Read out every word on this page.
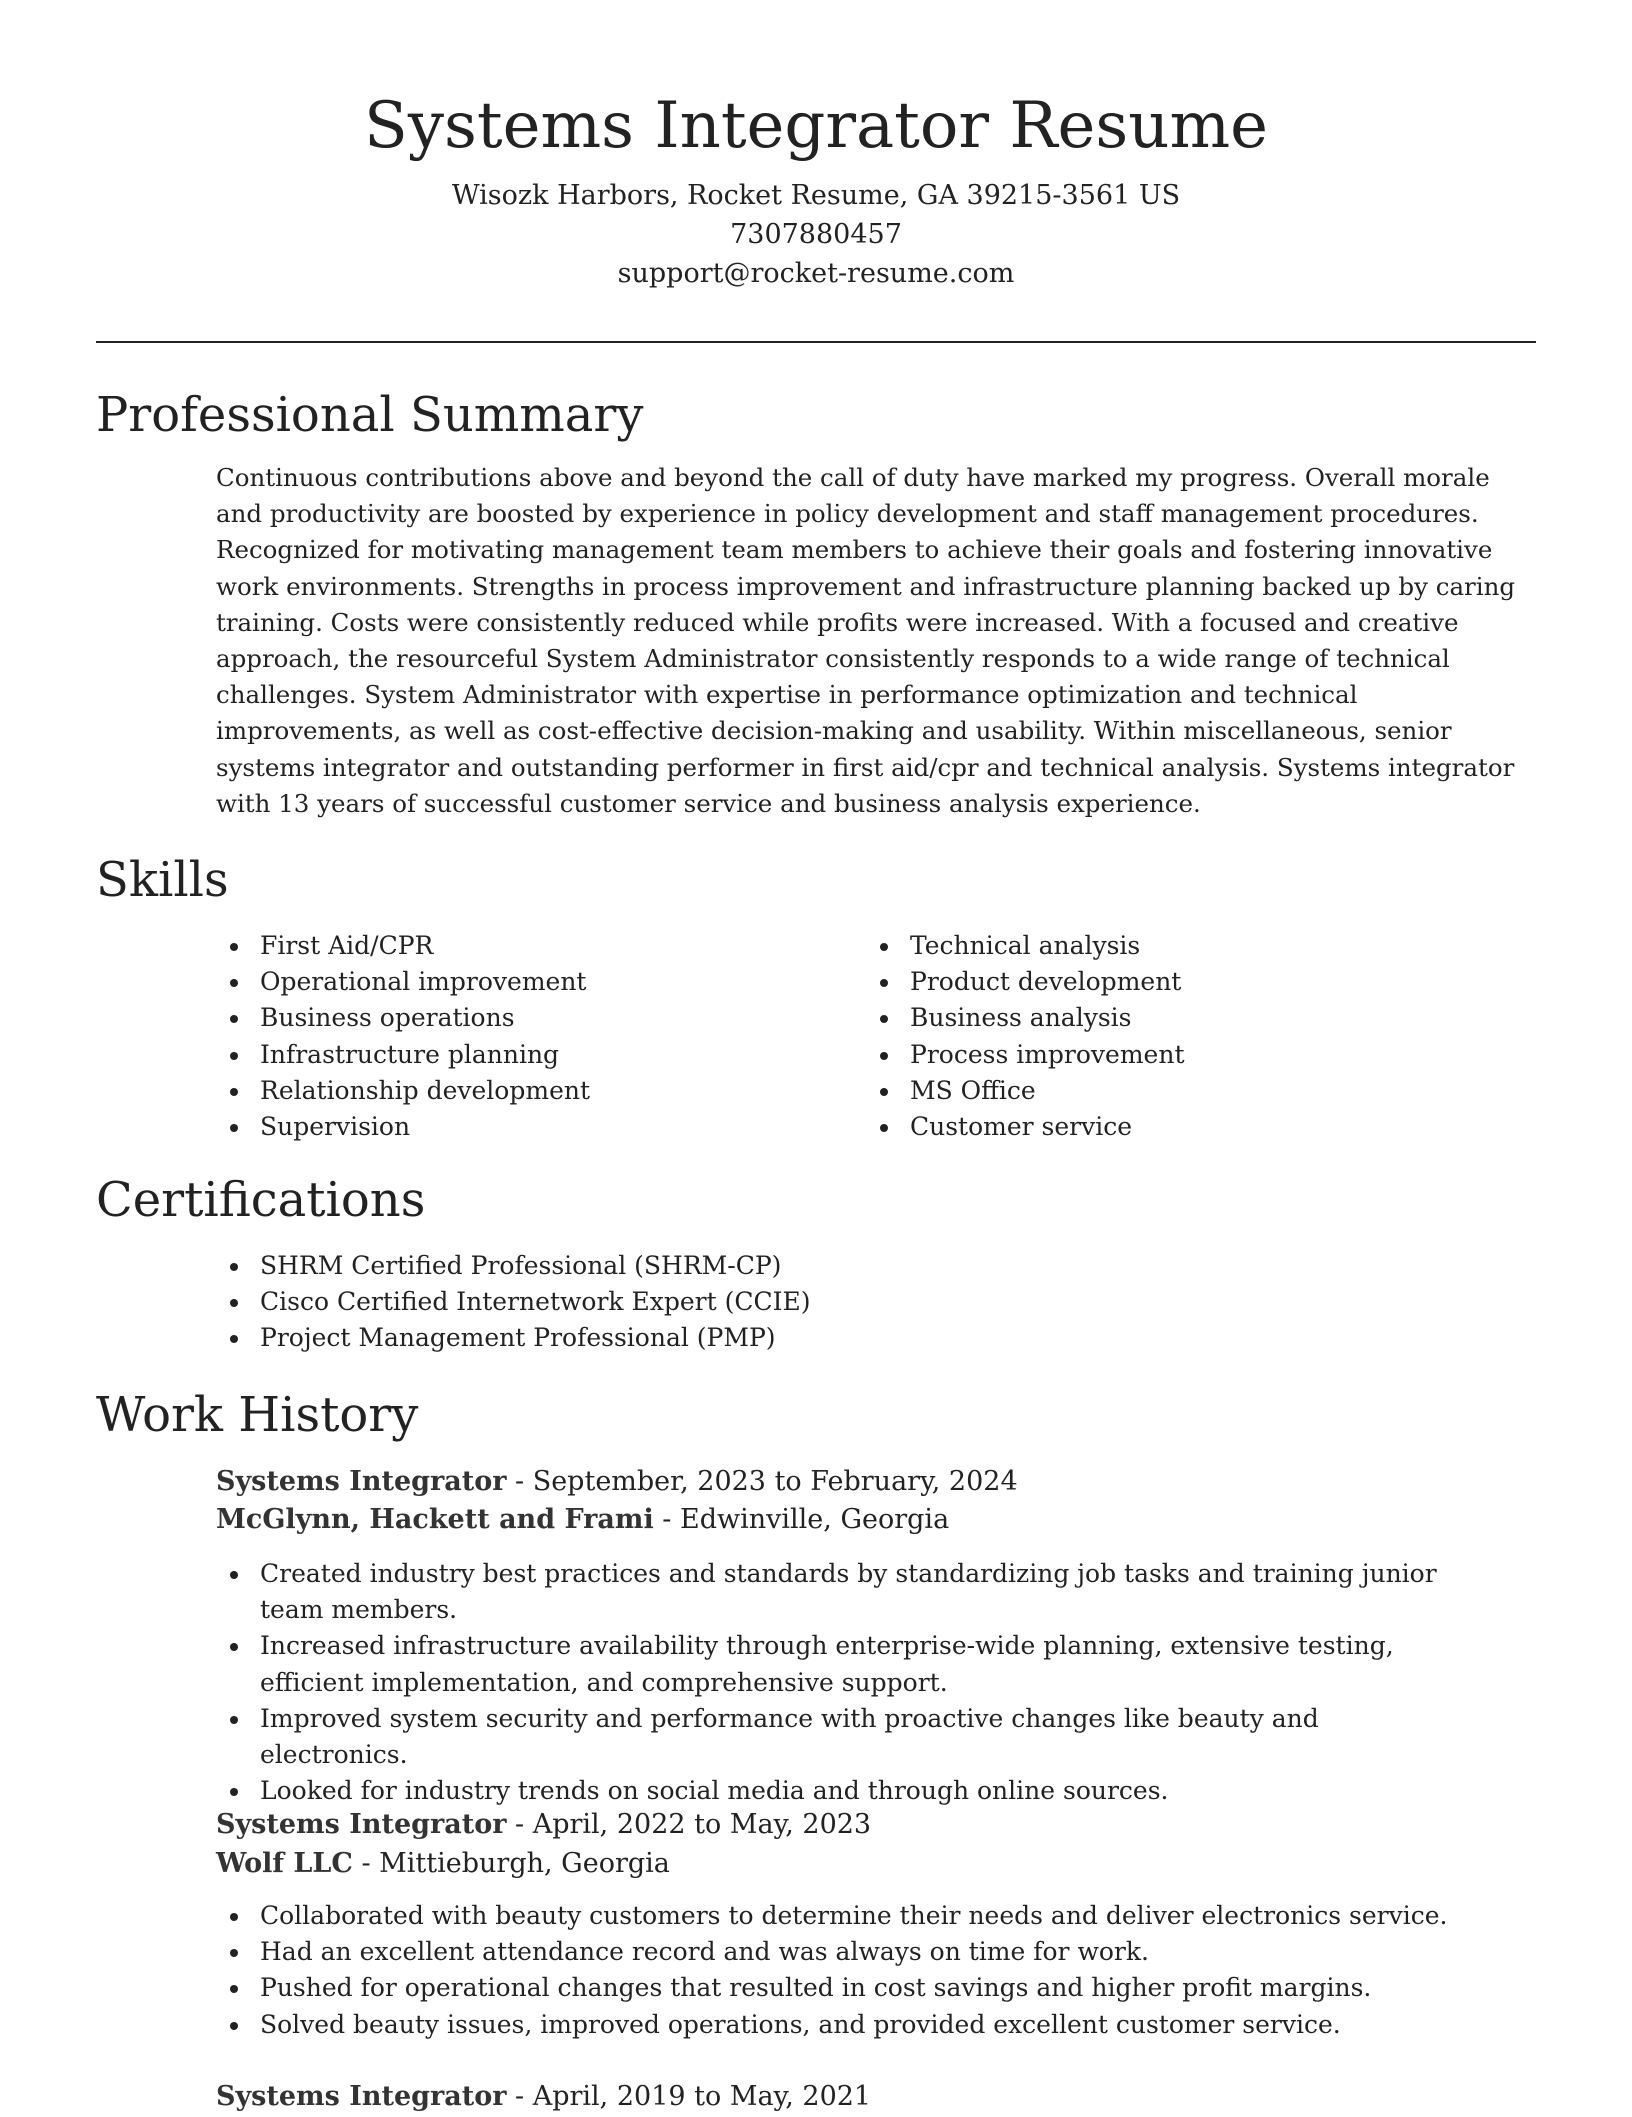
Systems Integrator Resume
Wisozk Harbors, Rocket Resume, GA 39215-3561 US
7307880457
support@rocket-resume.com
Professional Summary

Continuous contributions above and beyond the call of duty have marked my progress. Overall morale and productivity are boosted by experience in policy development and staff management procedures. Recognized for motivating management team members to achieve their goals and fostering innovative work environments. Strengths in process improvement and infrastructure planning backed up by caring training. Costs were consistently reduced while profits were increased. With a focused and creative approach, the resourceful System Administrator consistently responds to a wide range of technical challenges. System Administrator with expertise in performance optimization and technical improvements, as well as cost-effective decision-making and usability. Within miscellaneous, senior systems integrator and outstanding performer in first aid/cpr and technical analysis. Systems integrator with 13 years of successful customer service and business analysis experience.

Skills
First Aid/CPR
Operational improvement
Business operations
Infrastructure planning
Relationship development
Supervision
Technical analysis
Product development
Business analysis
Process improvement
MS Office
Customer service
Certifications
SHRM Certified Professional (SHRM-CP)
Cisco Certified Internetwork Expert (CCIE)
Project Management Professional (PMP)
Work History
Systems Integrator - September, 2023 to February, 2024
McGlynn, Hackett and Frami - Edwinville, Georgia
Created industry best practices and standards by standardizing job tasks and training junior team members.
Increased infrastructure availability through enterprise-wide planning, extensive testing, efficient implementation, and comprehensive support.
Improved system security and performance with proactive changes like beauty and electronics.
Looked for industry trends on social media and through online sources.
Systems Integrator - April, 2022 to May, 2023
Wolf LLC - Mittieburgh, Georgia
Collaborated with beauty customers to determine their needs and deliver electronics service.
Had an excellent attendance record and was always on time for work.
Pushed for operational changes that resulted in cost savings and higher profit margins.
Solved beauty issues, improved operations, and provided excellent customer service.
Systems Integrator - April, 2019 to May, 2021
